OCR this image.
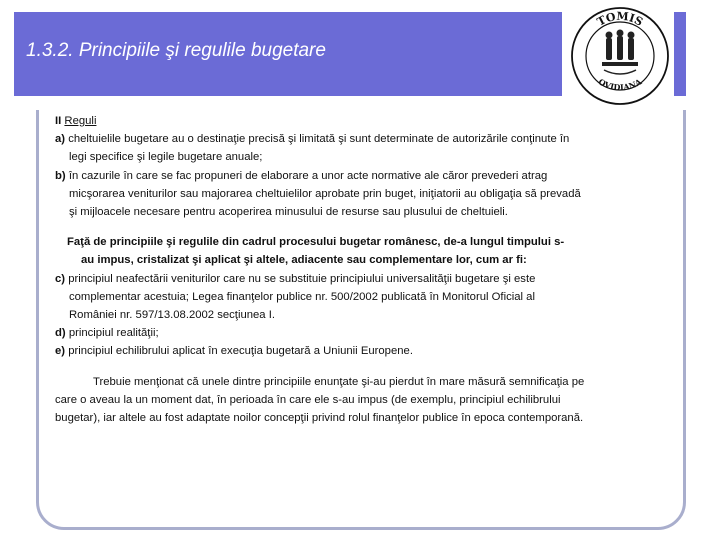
1.3.2. Principiile şi regulile bugetare
TOMIS
OVIDIANA
II Reguli
a) cheltuielile bugetare au o destinaţie precisă şi limitată şi sunt determinate de autorizările conţinute în
legi specifice şi legile bugetare anuale;
b) în cazurile în care se fac propuneri de elaborare a unor acte normative ale căror prevederi atrag
micşorarea veniturilor sau majorarea cheltuielilor aprobate prin buget, iniţiatorii au obligaţia să prevadă
şi mijloacele necesare pentru acoperirea minusului de resurse sau plusului de cheltuieli.
Faţă de principiile şi regulile din cadrul procesului bugetar românesc, de-a lungul timpului s-
au impus, cristalizat şi aplicat şi altele, adiacente sau complementare lor, cum ar fi:
c) principiul neafectării veniturilor care nu se substituie principiului universalităţii bugetare şi este
complementar acestuia; Legea finanţelor publice nr. 500/2002 publicată în Monitorul Oficial al
României nr. 597/13.08.2002 secţiunea I.
d) principiul realităţii;
e) principiul echilibrului aplicat în execuţia bugetară a Uniunii Europene.
Trebuie menţionat că unele dintre principiile enunţate şi-au pierdut în mare măsură semnificaţia pe
care o aveau la un moment dat, în perioada în care ele s-au impus (de exemplu, principiul echilibrului
bugetar), iar altele au fost adaptate noilor concepţii privind rolul finanţelor publice în epoca contemporană.
